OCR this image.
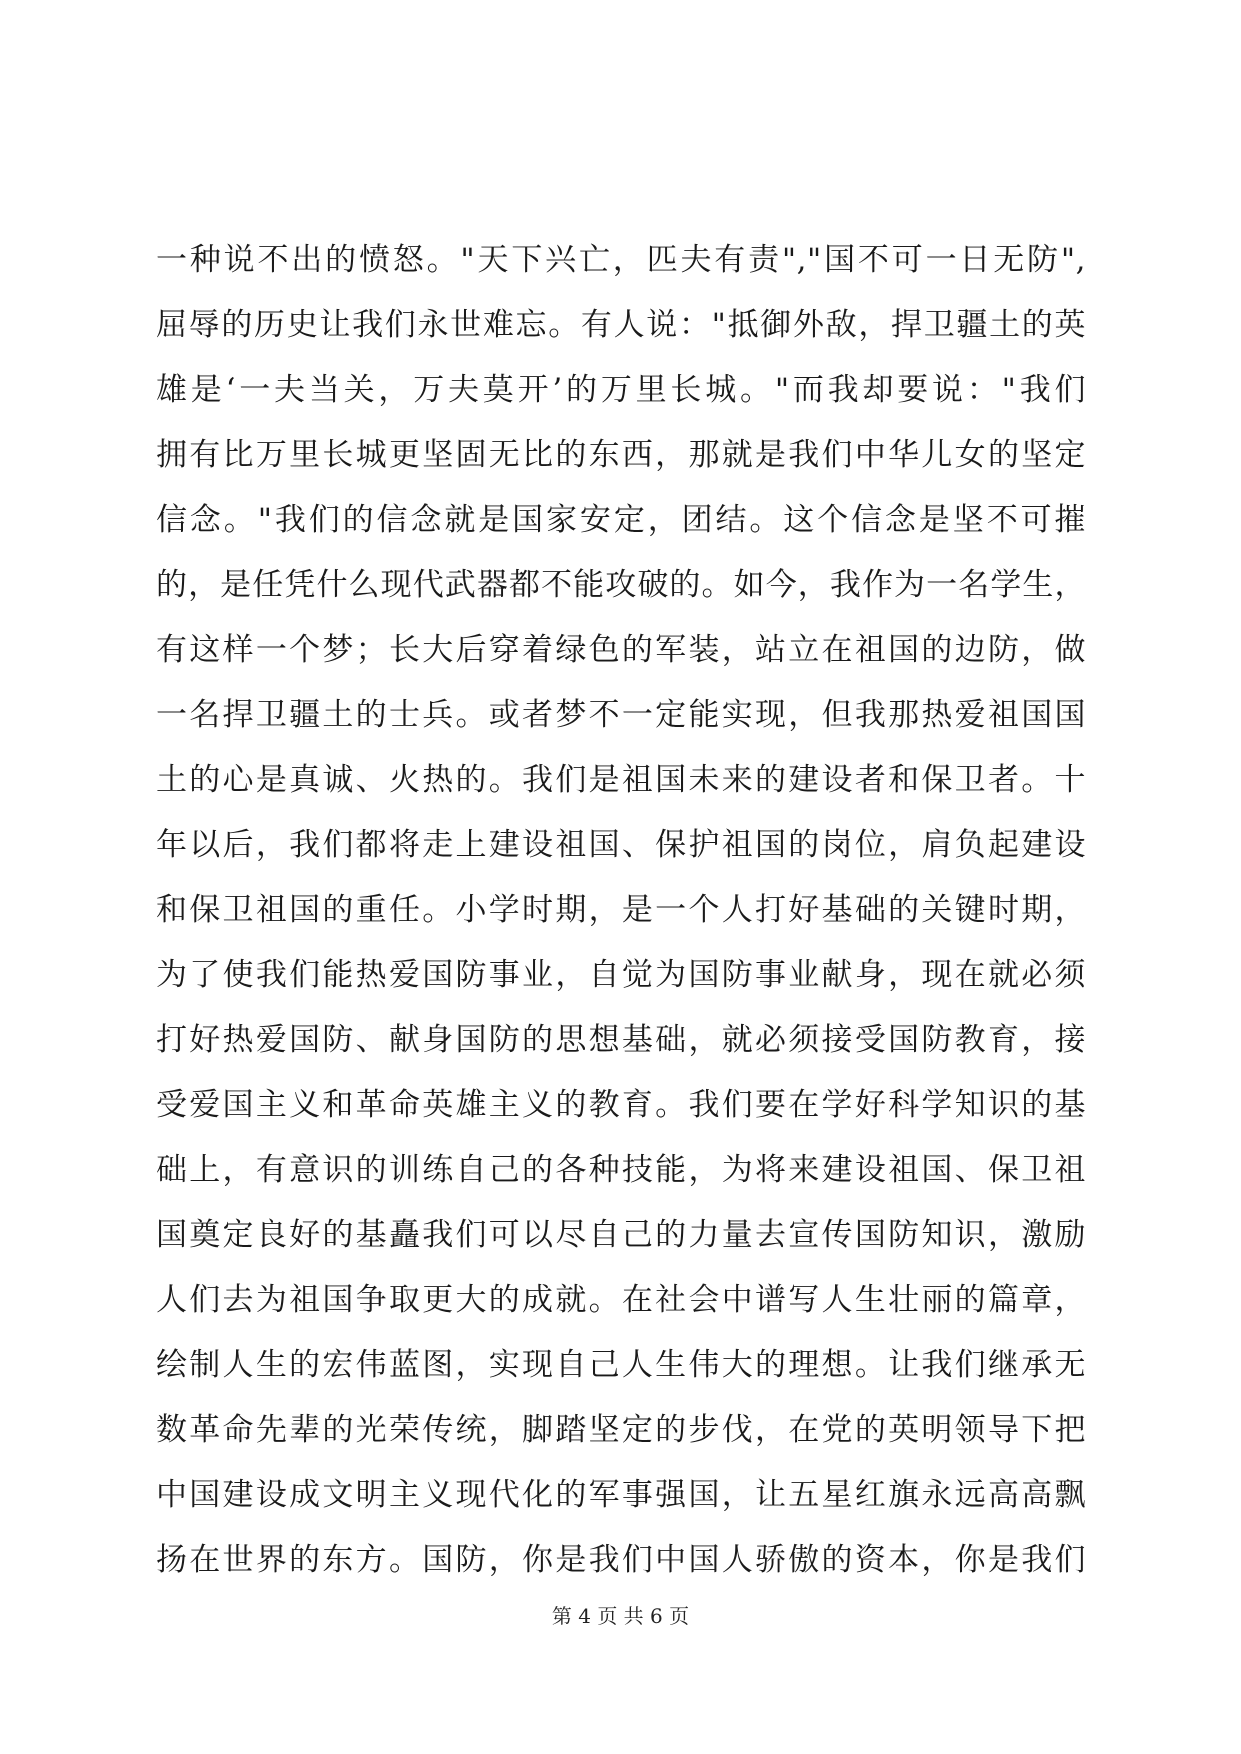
一种说不出的愤怒。"天下兴亡，匹夫有责","国不可一日无防",
屈辱的历史让我们永世难忘。有人说："抵御外敌，捍卫疆土的英
雄是‘一夫当关，万夫莫开’的万里长城。"而我却要说："我们
拥有比万里长城更坚固无比的东西，那就是我们中华儿女的坚定
信念。"我们的信念就是国家安定，团结。这个信念是坚不可摧
的，是任凭什么现代武器都不能攻破的。如今，我作为一名学生，
有这样一个梦；长大后穿着绿色的军装，站立在祖国的边防，做
一名捍卫疆土的士兵。或者梦不一定能实现，但我那热爱祖国国
土的心是真诚、火热的。我们是祖国未来的建设者和保卫者。十
年以后，我们都将走上建设祖国、保护祖国的岗位，肩负起建设
和保卫祖国的重任。小学时期，是一个人打好基础的关键时期，
为了使我们能热爱国防事业，自觉为国防事业献身，现在就必须
打好热爱国防、献身国防的思想基础，就必须接受国防教育，接
受爱国主义和革命英雄主义的教育。我们要在学好科学知识的基
础上，有意识的训练自己的各种技能，为将来建设祖国、保卫祖
国奠定良好的基矗我们可以尽自己的力量去宣传国防知识，激励
人们去为祖国争取更大的成就。在社会中谱写人生壮丽的篇章，
绘制人生的宏伟蓝图，实现自己人生伟大的理想。让我们继承无
数革命先辈的光荣传统，脚踏坚定的步伐，在党的英明领导下把
中国建设成文明主义现代化的军事强国，让五星红旗永远高高飘
扬在世界的东方。国防，你是我们中国人骄傲的资本，你是我们
第 4 页 共 6 页
